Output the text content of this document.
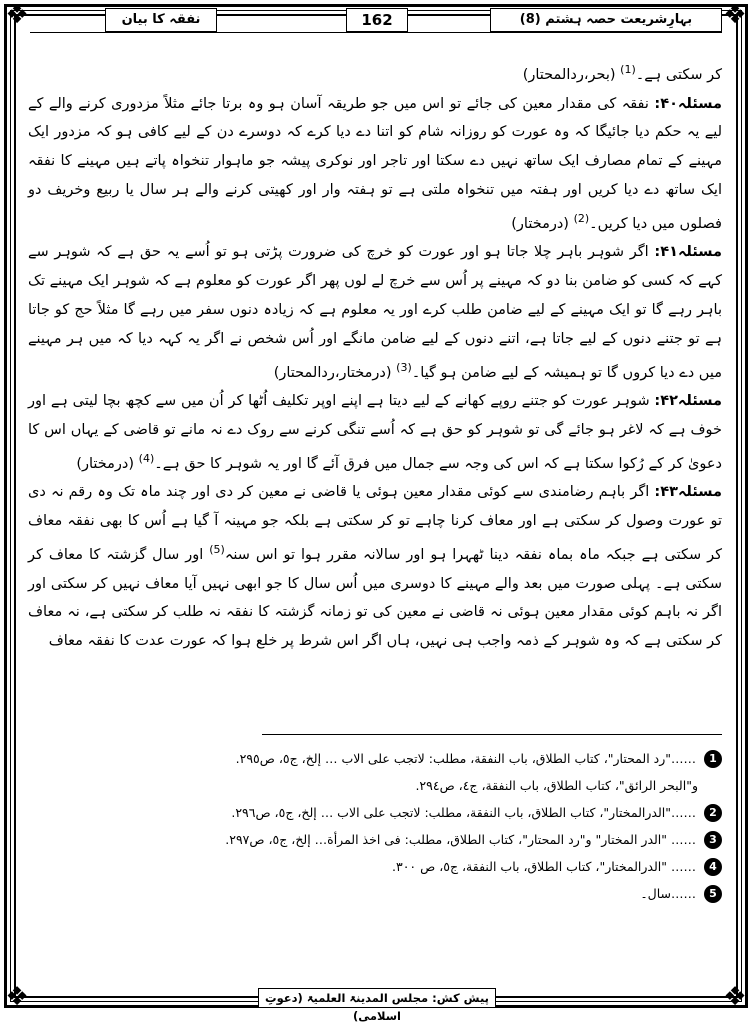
❖	❖
❖	❖
بہارِشریعت حصہ ہشتم (8)
162
نفقہ کا بیان

کر سکتی ہے۔$^{(1)}$ (بحر،ردالمحتار)

مسئلہ۴۰: نفقہ کی مقدار معین کی جائے تو اس میں جو طریقہ آسان ہو وہ برتا جائے مثلاً مزدوری کرنے والے کے لیے یہ حکم دیا جائیگا کہ وہ عورت کو روزانہ شام کو اتنا دے دیا کرے کہ دوسرے دن کے لیے کافی ہو کہ مزدور ایک مہینے کے تمام مصارف ایک ساتھ نہیں دے سکتا اور تاجر اور نوکری پیشہ جو ماہوار تنخواہ پاتے ہیں مہینے کا نفقہ ایک ساتھ دے دیا کریں اور ہفتہ میں تنخواہ ملتی ہے تو ہفتہ وار اور کھیتی کرنے والے ہر سال یا ربیع وخریف دو فصلوں میں دیا کریں۔$^{(2)}$ (درمختار)

مسئلہ۴۱: اگر شوہر باہر چلا جاتا ہو اور عورت کو خرچ کی ضرورت پڑتی ہو تو اُسے یہ حق ہے کہ شوہر سے کہے کہ کسی کو ضامن بنا دو کہ مہینے پر اُس سے خرچ لے لوں پھر اگر عورت کو معلوم ہے کہ شوہر ایک مہینے تک باہر رہے گا تو ایک مہینے کے لیے ضامن طلب کرے اور یہ معلوم ہے کہ زیادہ دنوں سفر میں رہے گا مثلاً حج کو جاتا ہے تو جتنے دنوں کے لیے جاتا ہے، اتنے دنوں کے لیے ضامن مانگے اور اُس شخص نے اگر یہ کہہ دیا کہ میں ہر مہینے میں دے دیا کروں گا تو ہمیشہ کے لیے ضامن ہو گیا۔$^{(3)}$ (درمختار،ردالمحتار)

مسئلہ۴۲: شوہر عورت کو جتنے روپے کھانے کے لیے دیتا ہے اپنے اوپر تکلیف اُٹھا کر اُن میں سے کچھ بچا لیتی ہے اور خوف ہے کہ لاغر ہو جائے گی تو شوہر کو حق ہے کہ اُسے تنگی کرنے سے روک دے نہ مانے تو قاضی کے یہاں اس کا دعویٰ کر کے رُکوا سکتا ہے کہ اس کی وجہ سے جمال میں فرق آئے گا اور یہ شوہر کا حق ہے۔$^{(4)}$ (درمختار)

مسئلہ۴۳: اگر باہم رضامندی سے کوئی مقدار معین ہوئی یا قاضی نے معین کر دی اور چند ماہ تک وہ رقم نہ دی تو عورت وصول کر سکتی ہے اور معاف کرنا چاہے تو کر سکتی ہے بلکہ جو مہینہ آ گیا ہے اُس کا بھی نفقہ معاف کر سکتی ہے جبکہ ماہ بماہ نفقہ دینا ٹھہرا ہو اور سالانہ مقرر ہوا تو اس سنہ$^{(5)}$ اور سال گزشتہ کا معاف کر سکتی ہے۔ پہلی صورت میں بعد والے مہینے کا دوسری میں اُس سال کا جو ابھی نہیں آیا معاف نہیں کر سکتی اور اگر نہ باہم کوئی مقدار معین ہوئی نہ قاضی نے معین کی تو زمانہ گزشتہ کا نفقہ نہ طلب کر سکتی ہے، نہ معاف کر سکتی ہے کہ وہ شوہر کے ذمہ واجب ہی نہیں، ہاں اگر اس شرط پر خلع ہوا کہ عورت عدت کا نفقہ معاف

1 ……"رد المحتار"، كتاب الطلاق، باب النفقة، مطلب: لاتجب على الاب … إلخ، ج٥، ص٢٩٥.
و"البحر الرائق"، كتاب الطلاق، باب النفقة، ج٤، ص٢٩٤.
2 ……"الدرالمختار"، كتاب الطلاق، باب النفقة، مطلب: لاتجب على الاب … إلخ، ج٥، ص٢٩٦.
3 …… "الدر المختار" و"رد المحتار"، كتاب الطلاق، مطلب: فى اخذ المرأة… إلخ، ج٥، ص٢٩٧.
4 …… "الدرالمختار"، كتاب الطلاق، باب النفقة، ج٥، ص ٣٠٠.
5 ……سال۔
پیش کش: مجلس المدینۃ العلمیۃ (دعوتِ اسلامی)
